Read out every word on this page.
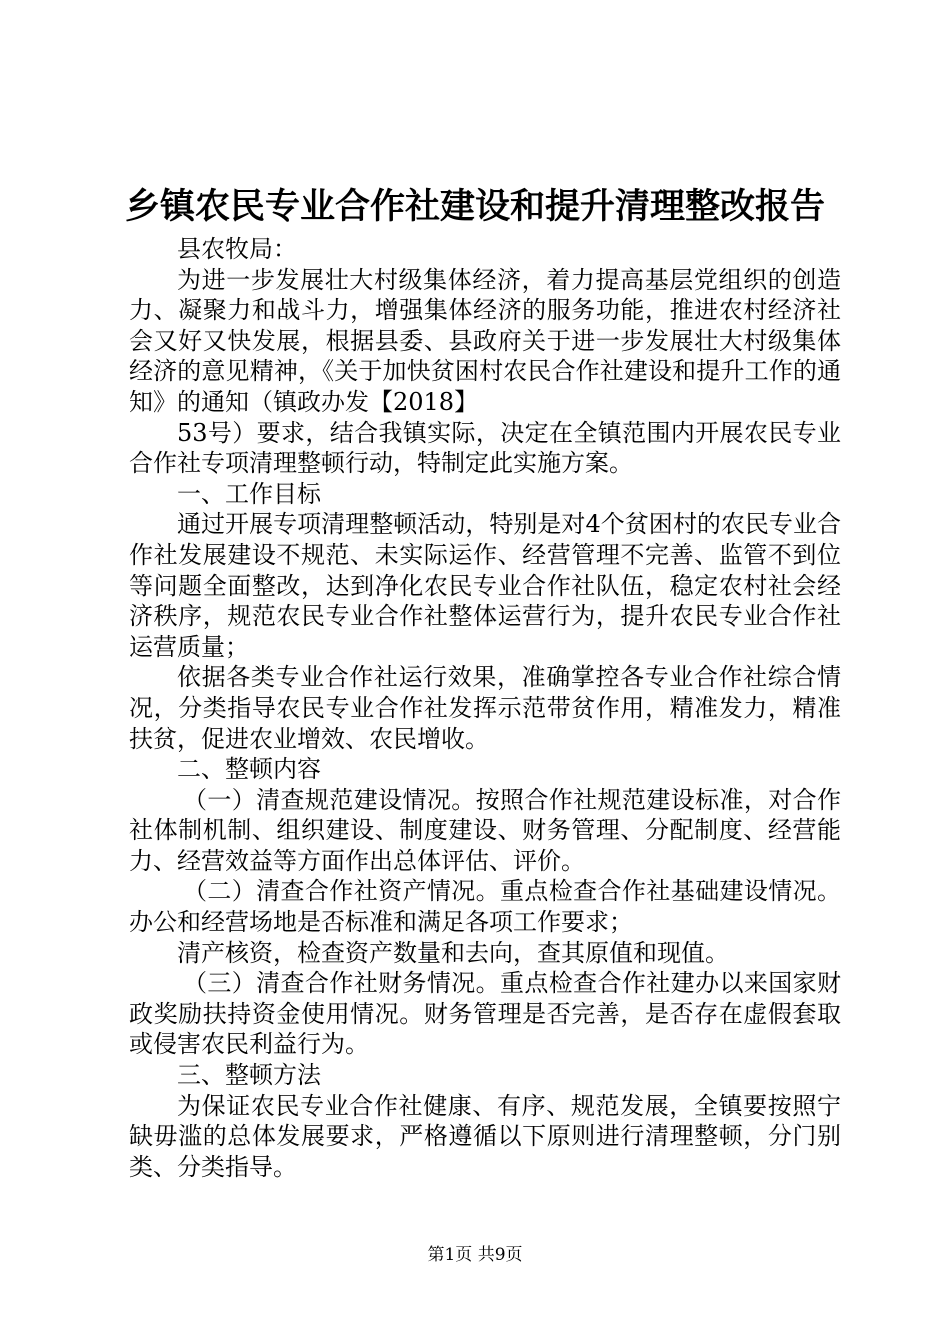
乡镇农民专业合作社建设和提升清理整改报告

县农牧局：

为进一步发展壮大村级集体经济，着力提高基层党组织的创造力、凝聚力和战斗力，增强集体经济的服务功能，推进农村经济社会又好又快发展，根据县委、县政府关于进一步发展壮大村级集体经济的意见精神，《关于加快贫困村农民合作社建设和提升工作的通知》的通知（镇政办发【2018】

53号）要求，结合我镇实际，决定在全镇范围内开展农民专业合作社专项清理整顿行动，特制定此实施方案。

一、工作目标

通过开展专项清理整顿活动，特别是对4个贫困村的农民专业合作社发展建设不规范、未实际运作、经营管理不完善、监管不到位等问题全面整改，达到净化农民专业合作社队伍，稳定农村社会经济秩序，规范农民专业合作社整体运营行为，提升农民专业合作社运营质量；

依据各类专业合作社运行效果，准确掌控各专业合作社综合情况，分类指导农民专业合作社发挥示范带贫作用，精准发力，精准扶贫，促进农业增效、农民增收。

二、整顿内容

（一）清查规范建设情况。按照合作社规范建设标准，对合作社体制机制、组织建设、制度建设、财务管理、分配制度、经营能力、经营效益等方面作出总体评估、评价。

（二）清查合作社资产情况。重点检查合作社基础建设情况。办公和经营场地是否标准和满足各项工作要求；

清产核资，检查资产数量和去向，查其原值和现值。

（三）清查合作社财务情况。重点检查合作社建办以来国家财政奖励扶持资金使用情况。财务管理是否完善，是否存在虚假套取或侵害农民利益行为。

三、整顿方法

为保证农民专业合作社健康、有序、规范发展，全镇要按照宁缺毋滥的总体发展要求，严格遵循以下原则进行清理整顿，分门别类、分类指导。

第1页 共9页
